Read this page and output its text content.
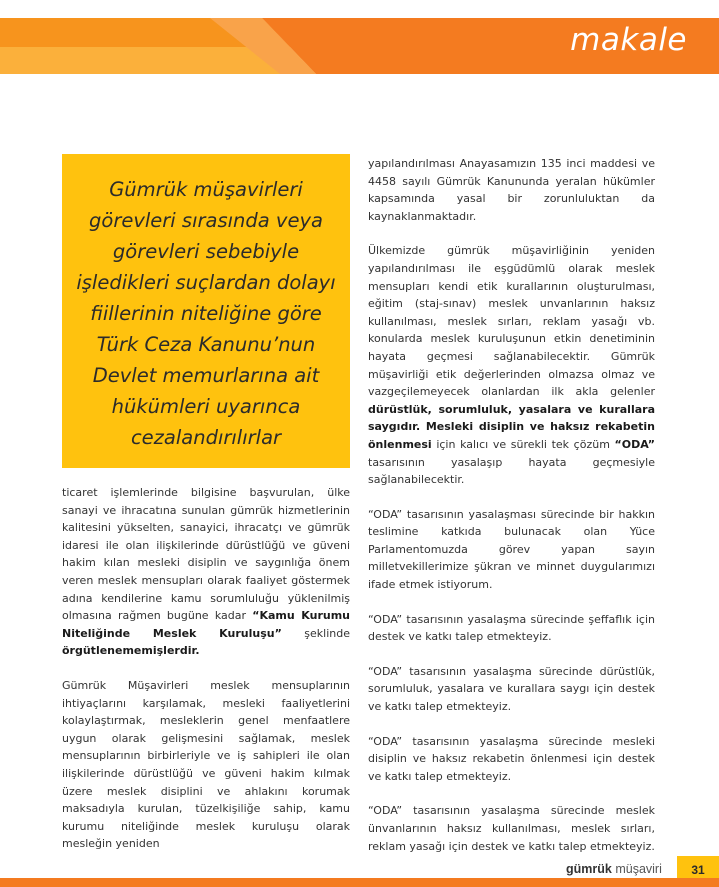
makale
Gümrük müşavirleri
görevleri sırasında veya
görevleri sebebiyle
işledikleri suçlardan dolayı
fiillerinin niteliğine göre
Türk Ceza Kanunu’nun
Devlet memurlarına ait
hükümleri uyarınca
cezalandırılırlar

ticaret işlemlerinde bilgisine başvurulan, ülke sanayi ve ihracatına sunulan gümrük hizmetlerinin kalitesini yükselten, sanayici, ihracatçı ve gümrük idaresi ile olan ilişkilerinde dürüstlüğü ve güveni hakim kılan mesleki disiplin ve saygınlığa önem veren meslek mensupları olarak faaliyet göstermek adına kendilerine kamu sorumluluğu yüklenilmiş olmasına rağmen bugüne kadar “Kamu Kurumu Niteliğinde Meslek Kuruluşu” şeklinde örgütlenememişlerdir.

Gümrük Müşavirleri meslek mensuplarının ihtiyaçlarını karşılamak, mesleki faaliyetlerini kolaylaştırmak, mesleklerin genel menfaatlere uygun olarak gelişmesini sağlamak, meslek mensuplarının birbirleriyle ve iş sahipleri ile olan ilişkilerinde dürüstlüğü ve güveni hakim kılmak üzere meslek disiplini ve ahlakını korumak maksadıyla kurulan, tüzelkişiliğe sahip, kamu kurumu niteliğinde meslek kuruluşu olarak mesleğin yeniden

yapılandırılması Anayasamızın 135 inci maddesi ve 4458 sayılı Gümrük Kanununda yeralan hükümler kapsamında yasal bir zorunluluktan da kaynaklanmaktadır.

Ülkemizde gümrük müşavirliğinin yeniden yapılandırılması ile eşgüdümlü olarak meslek mensupları kendi etik kurallarının oluşturulması, eğitim (staj-sınav) meslek unvanlarının haksız kullanılması, meslek sırları, reklam yasağı vb. konularda meslek kuruluşunun etkin denetiminin hayata geçmesi sağlanabilecektir. Gümrük müşavirliği etik değerlerinden olmazsa olmaz ve vazgeçilemeyecek olanlardan ilk akla gelenler dürüstlük, sorumluluk, yasalara ve kurallara saygıdır. Mesleki disiplin ve haksız rekabetin önlenmesi için kalıcı ve sürekli tek çözüm “ODA” tasarısının yasalaşıp hayata geçmesiyle sağlanabilecektir.

“ODA” tasarısının yasalaşması sürecinde bir hakkın teslimine katkıda bulunacak olan Yüce Parlamentomuzda görev yapan sayın milletvekillerimize şükran ve minnet duygularımızı ifade etmek istiyorum.

“ODA” tasarısının yasalaşma sürecinde şeffaflık için destek ve katkı talep etmekteyiz.

“ODA” tasarısının yasalaşma sürecinde dürüstlük, sorumluluk, yasalara ve kurallara saygı için destek ve katkı talep etmekteyiz.

“ODA” tasarısının yasalaşma sürecinde mesleki disiplin ve haksız rekabetin önlenmesi için destek ve katkı talep etmekteyiz.

“ODA” tasarısının yasalaşma sürecinde meslek ünvanlarının haksız kullanılması, meslek sırları, reklam yasağı için destek ve katkı talep etmekteyiz.

gümrük müşaviri	31
